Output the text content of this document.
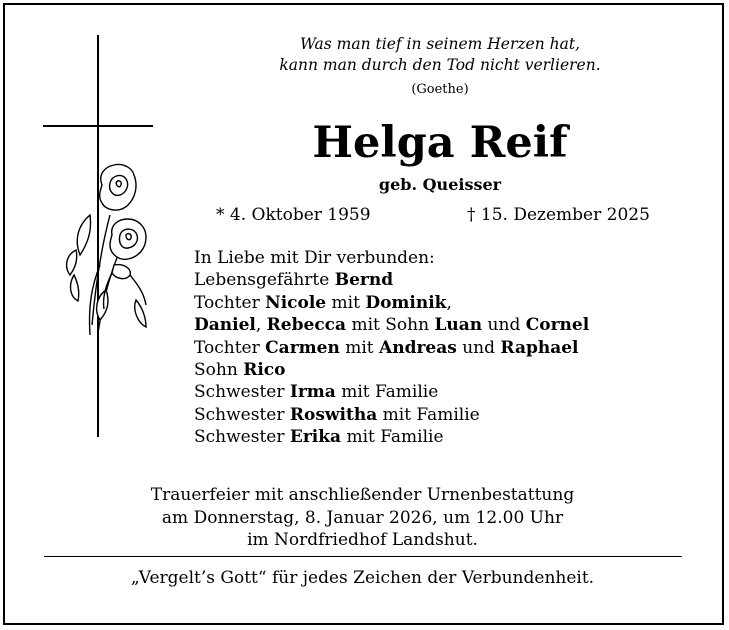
Was man tief in seinem Herzen hat,
kann man durch den Tod nicht verlieren.
(Goethe)
Helga Reif
geb. Queisser
* 4. Oktober 1959	† 15. Dezember 2025
In Liebe mit Dir verbunden:
Lebensgefährte Bernd
Tochter Nicole mit Dominik,
Daniel, Rebecca mit Sohn Luan und Cornel
Tochter Carmen mit Andreas und Raphael
Sohn Rico
Schwester Irma mit Familie
Schwester Roswitha mit Familie
Schwester Erika mit Familie
Trauerfeier mit anschließender Urnenbestattung
am Donnerstag, 8. Januar 2026, um 12.00 Uhr
im Nordfriedhof Landshut.
„Vergelt’s Gott“ für jedes Zeichen der Verbundenheit.
